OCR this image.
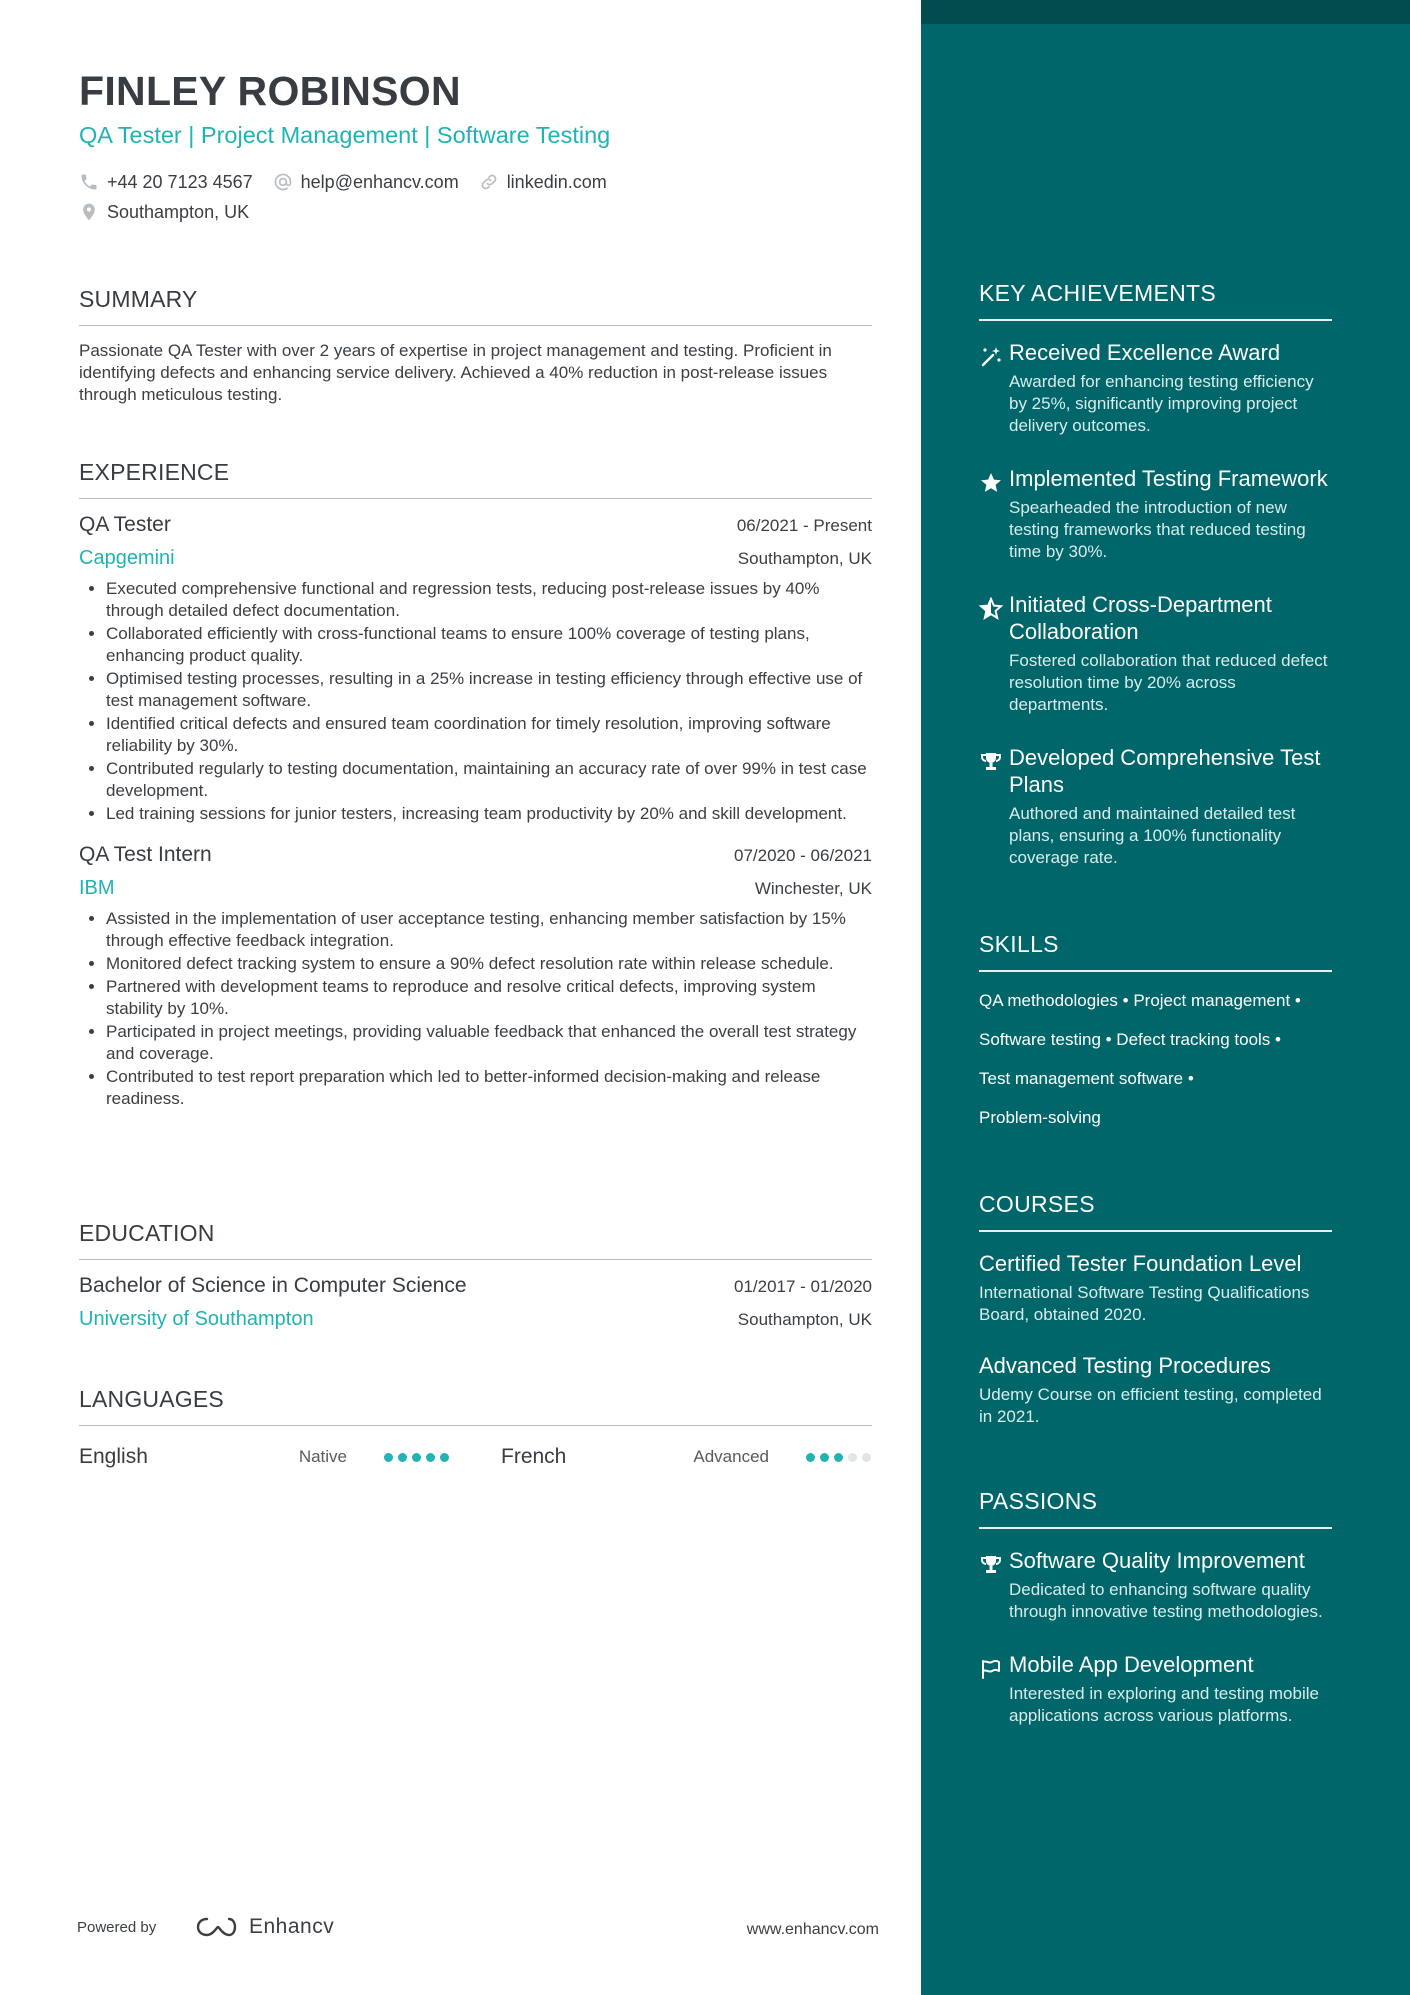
FINLEY ROBINSON
QA Tester | Project Management | Software Testing
+44 20 7123 4567	help@enhancv.com	linkedin.com
Southampton, UK
SUMMARY
Passionate QA Tester with over 2 years of expertise in project management and testing. Proficient in identifying defects and enhancing service delivery. Achieved a 40% reduction in post-release issues through meticulous testing.
EXPERIENCE
QA Tester	06/2021 - Present
Capgemini	Southampton, UK
• Executed comprehensive functional and regression tests, reducing post-release issues by 40% through detailed defect documentation.
• Collaborated efficiently with cross-functional teams to ensure 100% coverage of testing plans, enhancing product quality.
• Optimised testing processes, resulting in a 25% increase in testing efficiency through effective use of test management software.
• Identified critical defects and ensured team coordination for timely resolution, improving software reliability by 30%.
• Contributed regularly to testing documentation, maintaining an accuracy rate of over 99% in test case development.
• Led training sessions for junior testers, increasing team productivity by 20% and skill development.
QA Test Intern	07/2020 - 06/2021
IBM	Winchester, UK
• Assisted in the implementation of user acceptance testing, enhancing member satisfaction by 15% through effective feedback integration.
• Monitored defect tracking system to ensure a 90% defect resolution rate within release schedule.
• Partnered with development teams to reproduce and resolve critical defects, improving system stability by 10%.
• Participated in project meetings, providing valuable feedback that enhanced the overall test strategy and coverage.
• Contributed to test report preparation which led to better-informed decision-making and release readiness.
EDUCATION
Bachelor of Science in Computer Science	01/2017 - 01/2020
University of Southampton	Southampton, UK
LANGUAGES
English	Native	French	Advanced
Powered by	Enhancv	www.enhancv.com
KEY ACHIEVEMENTS
Received Excellence Award
Awarded for enhancing testing efficiency by 25%, significantly improving project delivery outcomes.
Implemented Testing Framework
Spearheaded the introduction of new testing frameworks that reduced testing time by 30%.
Initiated Cross-Department Collaboration
Fostered collaboration that reduced defect resolution time by 20% across departments.
Developed Comprehensive Test Plans
Authored and maintained detailed test plans, ensuring a 100% functionality coverage rate.
SKILLS
QA methodologies • Project management •
Software testing • Defect tracking tools •
Test management software •
Problem-solving
COURSES
Certified Tester Foundation Level
International Software Testing Qualifications Board, obtained 2020.
Advanced Testing Procedures
Udemy Course on efficient testing, completed in 2021.
PASSIONS
Software Quality Improvement
Dedicated to enhancing software quality through innovative testing methodologies.
Mobile App Development
Interested in exploring and testing mobile applications across various platforms.
